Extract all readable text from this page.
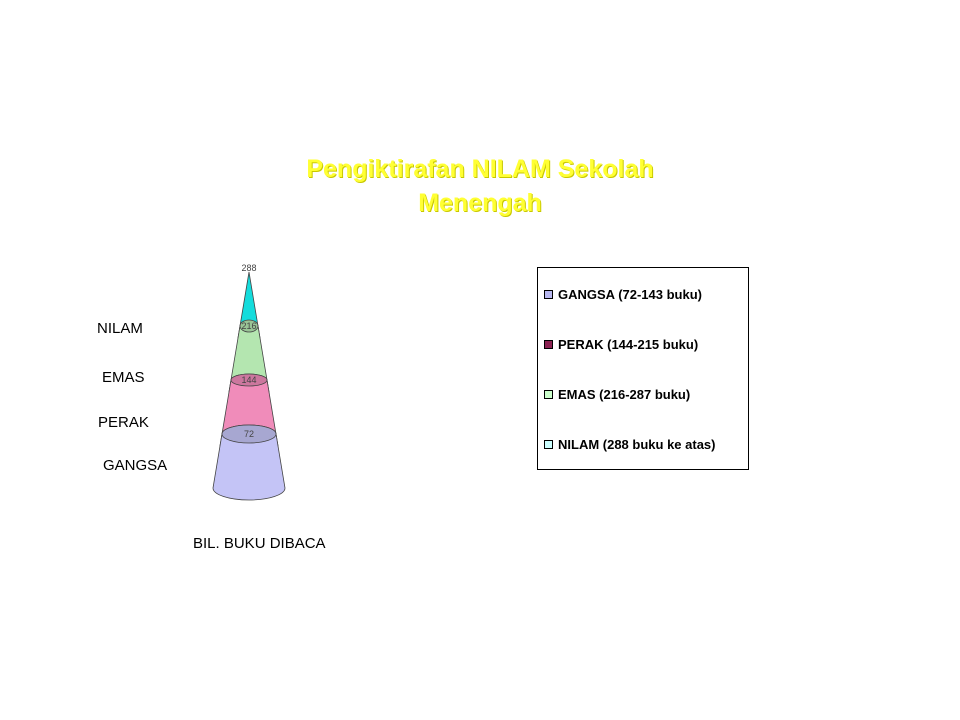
Pengiktirafan NILAM Sekolah
Menengah
72
144
216
288
NILAM
EMAS
PERAK
GANGSA
BIL. BUKU DIBACA
GANGSA (72-143 buku)
PERAK (144-215 buku)
EMAS (216-287 buku)
NILAM (288 buku ke atas)
